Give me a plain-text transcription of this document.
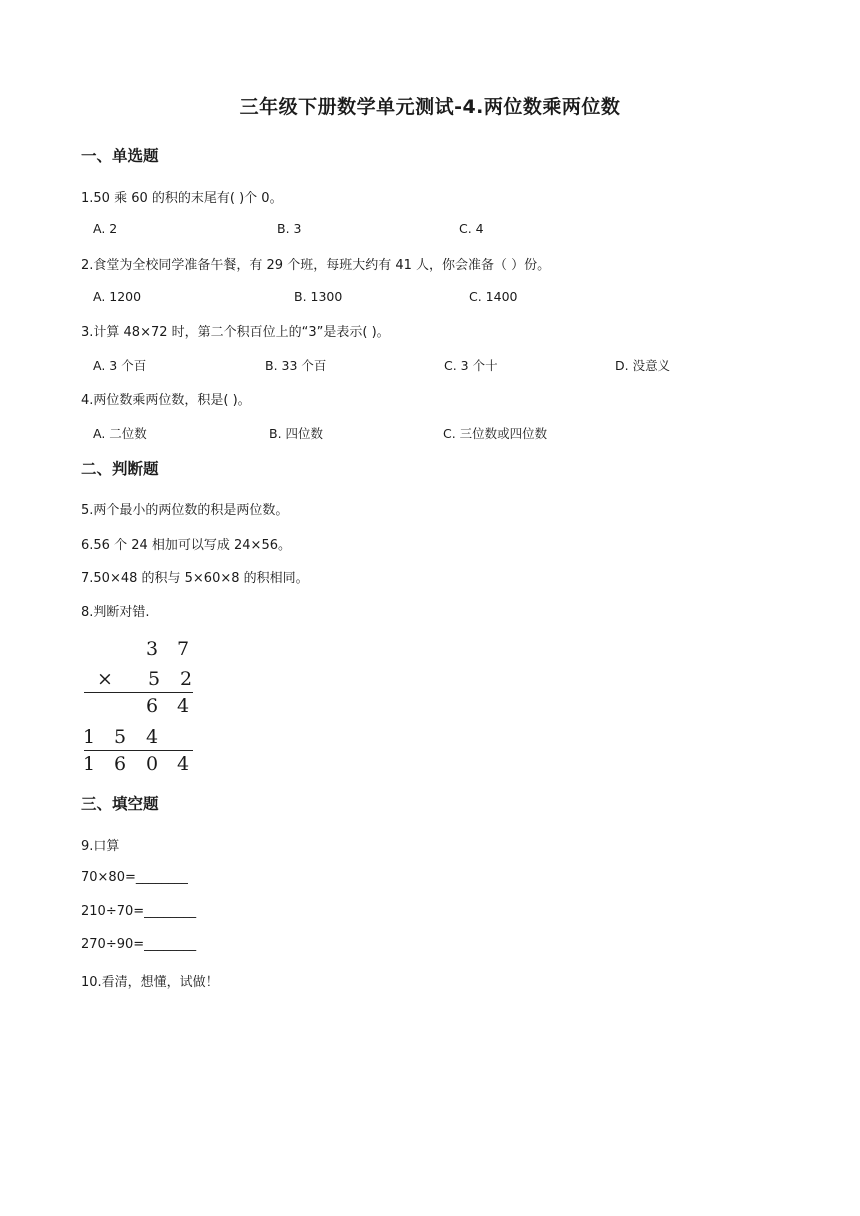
三年级下册数学单元测试-4.两位数乘两位数
一、单选题
1.50 乘 60 的积的末尾有( )个 0。
A. 2	B. 3	C. 4
2.食堂为全校同学准备午餐，有 29 个班，每班大约有 41 人，你会准备（ ）份。
A. 1200	B. 1300	C. 1400
3.计算 48×72 时，第二个积百位上的“3”是表示( )。
A. 3 个百	B. 33 个百	C. 3 个十	D. 没意义
4.两位数乘两位数，积是( )。
A. 二位数	B. 四位数	C. 三位数或四位数
二、判断题
5.两个最小的两位数的积是两位数。
6.56 个 24 相加可以写成 24×56。
7.50×48 的积与 5×60×8 的积相同。
8.判断对错.
3 7
× 5 2
6 4
1 5 4
1 6 0 4
三、填空题
9.口算
70×80=________
210÷70=________
270÷90=________
10.看清，想懂，试做！
